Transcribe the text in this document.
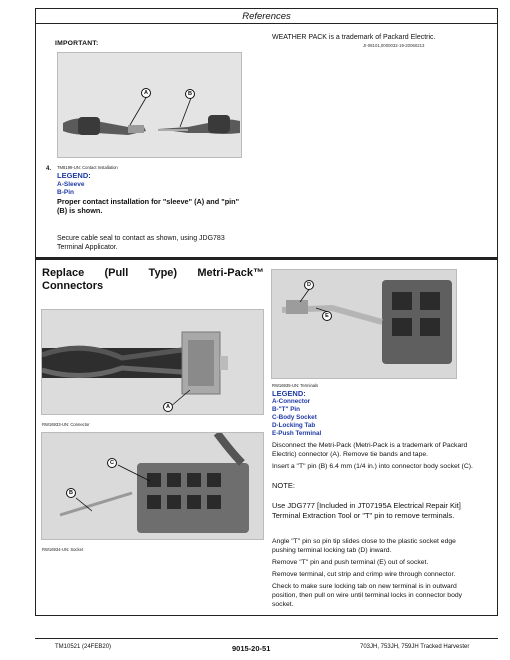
References
IMPORTANT:
WEATHER PACK is a trademark of Packard Electric.
JI-08101,0000032-19-20060213
A	B
TM8199-UN: Contact Installation
4.
LEGEND:
A-Sleeve
B-Pin
Proper contact installation for "sleeve" (A) and "pin"
(B) is shown.
Secure cable seal to contact as shown, using JDG783
Terminal Applicator.
Replace (Pull Type) Metri-Pack™
Connectors
A
RW16933-UN: Connector
C
B
RW16934-UN: Socket
D
E
RW16935-UN: Terminals
LEGEND:
A-Connector
B-"T" Pin
C-Body Socket
D-Locking Tab
E-Push Terminal
Disconnect the Metri-Pack (Metri-Pack is a trademark of Packard
Electric) connector (A). Remove tie bands and tape.
Insert a "T" pin (B) 6.4 mm (1/4 in.) into connector body socket (C).
NOTE:
Use JDG777 [Included in JT07195A Electrical Repair Kit]
Terminal Extraction Tool or "T" pin to remove terminals.
Angle "T" pin so pin tip slides close to the plastic socket edge
pushing terminal locking tab (D) inward.
Remove "T" pin and push terminal (E) out of socket.
Remove terminal, cut strip and crimp wire through connector.
Check to make sure locking tab on new terminal is in outward
position, then pull on wire until terminal locks in connector body
socket.
TM10521 (24FEB20)	9015-20-51	703JH, 753JH, 759JH Tracked Harvester
